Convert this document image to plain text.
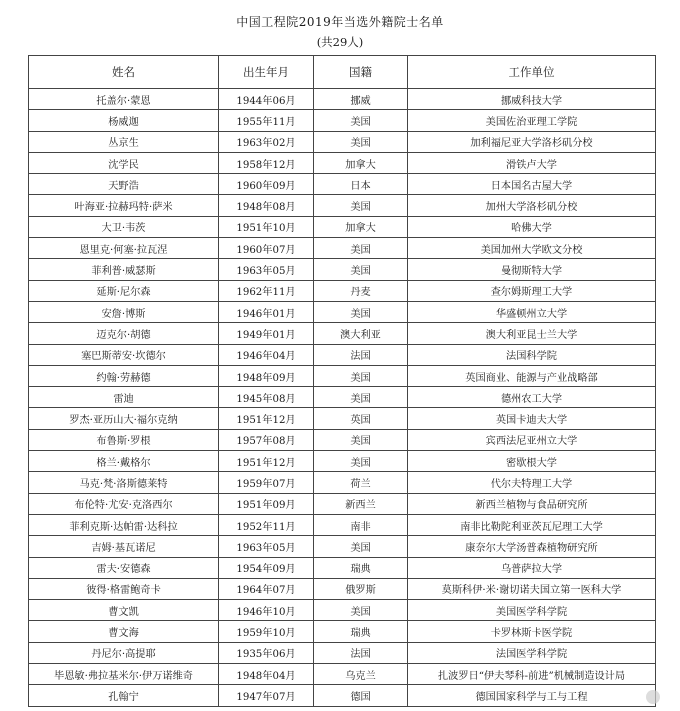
中国工程院2019年当选外籍院士名单
(共29人)
姓名	出生年月	国籍	工作单位
托盖尔·蒙恩	1944年06月	挪威	挪威科技大学
杨威迦	1955年11月	美国	美国佐治亚理工学院
丛京生	1963年02月	美国	加利福尼亚大学洛杉矶分校
沈学民	1958年12月	加拿大	滑铁卢大学
天野浩	1960年09月	日本	日本国名古屋大学
叶海亚·拉赫玛特·萨米	1948年08月	美国	加州大学洛杉矶分校
大卫·韦茨	1951年10月	加拿大	哈佛大学
恩里克·何塞·拉瓦涅	1960年07月	美国	美国加州大学欧文分校
菲利普·威瑟斯	1963年05月	美国	曼彻斯特大学
延斯·尼尔森	1962年11月	丹麦	查尔姆斯理工大学
安詹·博斯	1946年01月	美国	华盛顿州立大学
迈克尔·胡德	1949年01月	澳大利亚	澳大利亚昆士兰大学
塞巴斯蒂安·坎德尔	1946年04月	法国	法国科学院
约翰·劳赫德	1948年09月	美国	英国商业、能源与产业战略部
雷迪	1945年08月	美国	德州农工大学
罗杰·亚历山大·福尔克纳	1951年12月	英国	英国卡迪夫大学
布鲁斯·罗根	1957年08月	美国	宾西法尼亚州立大学
格兰·戴格尔	1951年12月	美国	密歇根大学
马克·梵·洛斯德莱特	1959年07月	荷兰	代尔夫特理工大学
布伦特·尤安·克洛西尔	1951年09月	新西兰	新西兰植物与食品研究所
菲利克斯·达帕雷·达科拉	1952年11月	南非	南非比勒陀利亚茨瓦尼理工大学
吉姆·基瓦诺尼	1963年05月	美国	康奈尔大学汤普森植物研究所
雷夫·安德森	1954年09月	瑞典	乌普萨拉大学
彼得·格雷鲍奇卡	1964年07月	俄罗斯	莫斯科伊·米·谢切诺夫国立第一医科大学
曹文凯	1946年10月	美国	美国医学科学院
曹文海	1959年10月	瑞典	卡罗林斯卡医学院
丹尼尔·高提耶	1935年06月	法国	法国医学科学院
毕恩敏·弗拉基米尔·伊万诺维奇	1948年04月	乌克兰	扎波罗日“伊夫琴科-前进”机械制造设计局
孔翰宁	1947年07月	德国	德国国家科学与工与工程
